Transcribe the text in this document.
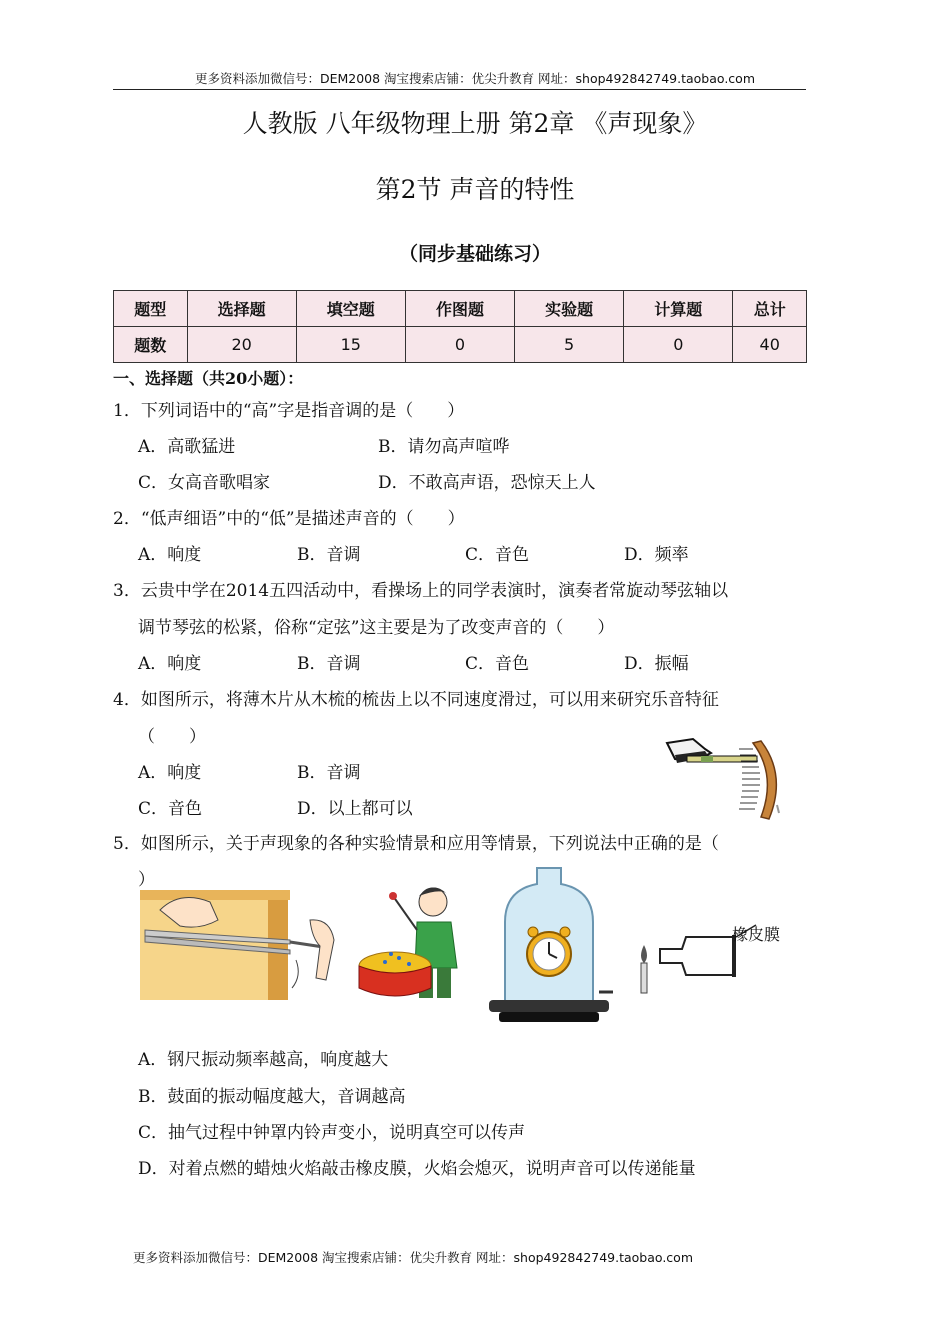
更多资料添加微信号：DEM2008 淘宝搜索店铺：优尖升教育 网址：shop492842749.taobao.com
人教版 八年级物理上册 第2章 《声现象》
第2节 声音的特性
（同步基础练习）
题型	选择题	填空题	作图题	实验题	计算题	总计
题数	20	15	0	5	0	40
一、选择题（共20小题）：
1．下列词语中的“高”字是指音调的是（　　）
A．高歌猛进	B．请勿高声喧哗
C．女高音歌唱家	D．不敢高声语，恐惊天上人
2．“低声细语”中的“低”是描述声音的（　　）
A．响度	B．音调	C．音色	D．频率
3．云贵中学在2014五四活动中，看操场上的同学表演时，演奏者常旋动琴弦轴以
调节琴弦的松紧，俗称“定弦”这主要是为了改变声音的（　　）
A．响度	B．音调	C．音色	D．振幅
4．如图所示，将薄木片从木梳的梳齿上以不同速度滑过，可以用来研究乐音特征
（　　）
A．响度	B．音调
C．音色	D．以上都可以
5．如图所示，关于声现象的各种实验情景和应用等情景，下列说法中正确的是（
）
橡皮膜
A．钢尺振动频率越高，响度越大
B．鼓面的振动幅度越大，音调越高
C．抽气过程中钟罩内铃声变小，说明真空可以传声
D．对着点燃的蜡烛火焰敲击橡皮膜，火焰会熄灭，说明声音可以传递能量
更多资料添加微信号：DEM2008 淘宝搜索店铺：优尖升教育 网址：shop492842749.taobao.com
